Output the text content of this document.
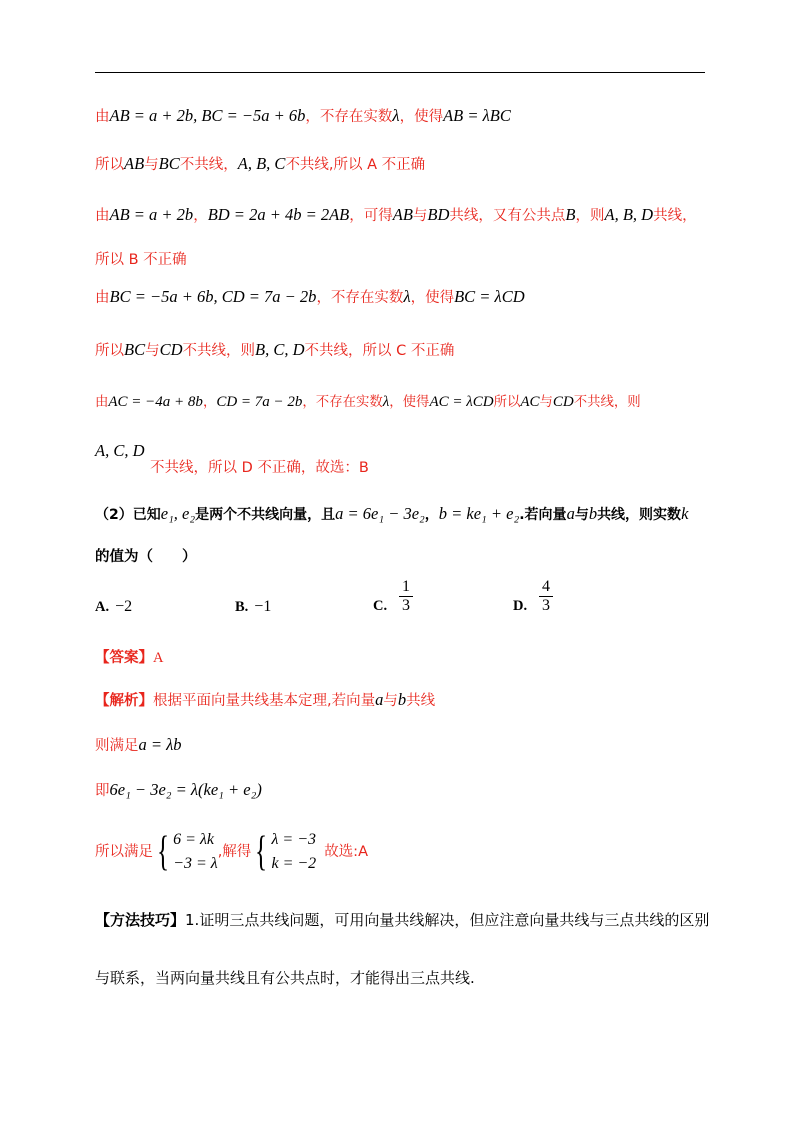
由AB = a + 2b, BC = −5a + 6b，不存在实数λ，使得AB = λBC
所以AB与BC不共线，A, B, C不共线,所以 A 不正确
由AB = a + 2b，BD = 2a + 4b = 2AB，可得AB与BD共线，又有公共点B，则A, B, D共线，
所以 B 不正确
由BC = −5a + 6b, CD = 7a − 2b，不存在实数λ，使得BC = λCD
所以BC与CD不共线，则B, C, D不共线，所以 C 不正确
由AC = −4a + 8b，CD = 7a − 2b，不存在实数λ，使得AC = λCD所以AC与CD不共线，则
A, C, D
不共线，所以 D 不正确，故选：B
（2）已知e₁, e₂是两个不共线向量，且a = 6e₁ − 3e₂，b = ke₁ + e₂.若向量a与b共线，则实数k
的值为（　　）
A. −2	B. −1	C. $\frac{1}{3}$	D. $\frac{4}{3}$
【答案】A
【解析】根据平面向量共线基本定理,若向量a与b共线
则满足a = λb
即6e₁ − 3e₂ = λ(ke₁ + e₂)
所以满足{ 6 = λk
−3 = λ
,解得{ λ = −3
k = −2
故选:A
【方法技巧】1.证明三点共线问题，可用向量共线解决，但应注意向量共线与三点共线的区别与联系，当两向量共线且有公共点时，才能得出三点共线.
